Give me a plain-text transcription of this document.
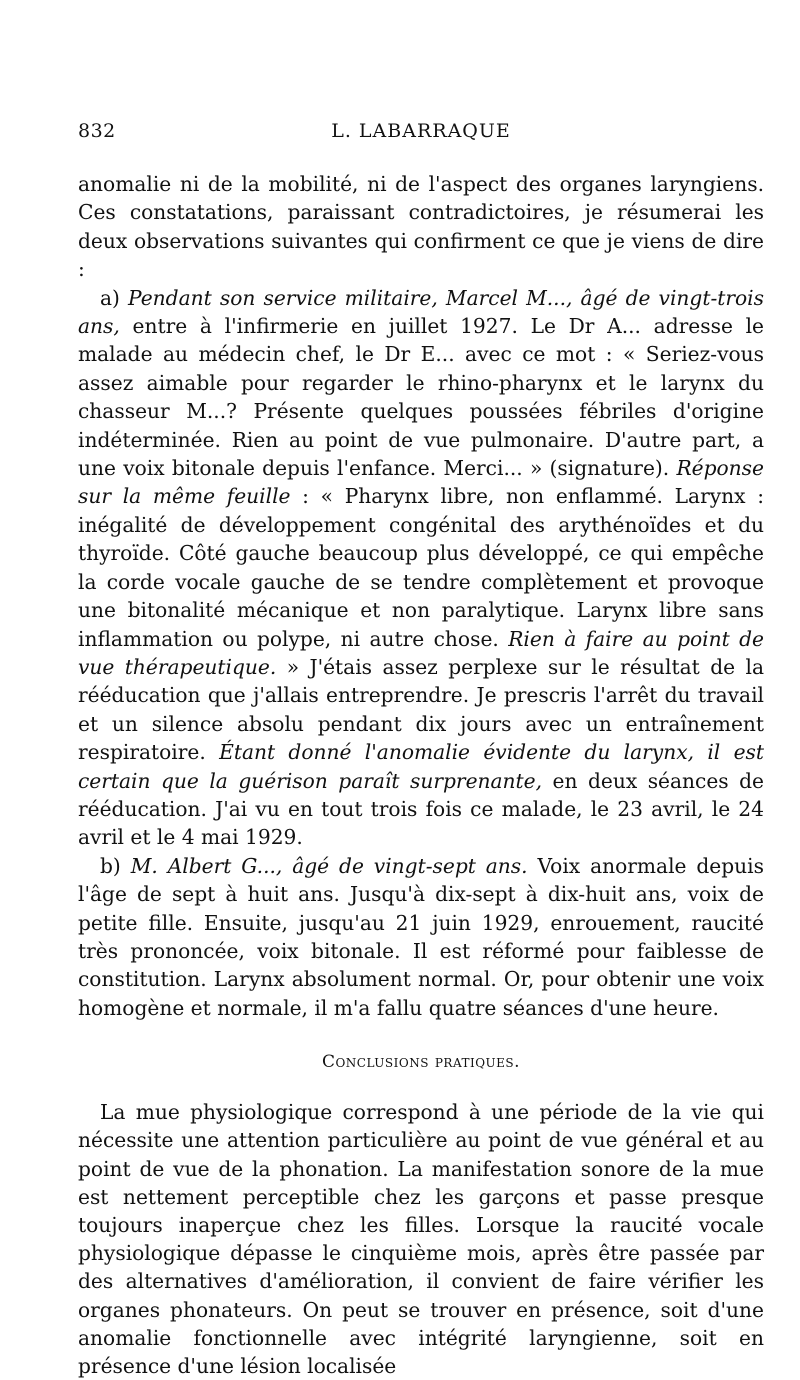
832	L. LABARRAQUE

anomalie ni de la mobilité, ni de l'aspect des organes laryngiens. Ces constatations, paraissant contradictoires, je résumerai les deux observations suivantes qui confirment ce que je viens de dire :

a) Pendant son service militaire, Marcel M..., âgé de vingt-trois ans, entre à l'infirmerie en juillet 1927. Le Dr A... adresse le malade au médecin chef, le Dr E... avec ce mot : « Seriez-vous assez aimable pour regarder le rhino-pharynx et le larynx du chasseur M...? Présente quelques poussées fébriles d'origine indéterminée. Rien au point de vue pulmonaire. D'autre part, a une voix bitonale depuis l'enfance. Merci... » (signature). Réponse sur la même feuille : « Pharynx libre, non enflammé. Larynx : inégalité de développement congénital des arythénoïdes et du thyroïde. Côté gauche beaucoup plus développé, ce qui empêche la corde vocale gauche de se tendre complètement et provoque une bitonalité mécanique et non paralytique. Larynx libre sans inflammation ou polype, ni autre chose. Rien à faire au point de vue thérapeutique. » J'étais assez perplexe sur le résultat de la rééducation que j'allais entreprendre. Je prescris l'arrêt du travail et un silence absolu pendant dix jours avec un entraînement respiratoire. Étant donné l'anomalie évidente du larynx, il est certain que la guérison paraît surprenante, en deux séances de rééducation. J'ai vu en tout trois fois ce malade, le 23 avril, le 24 avril et le 4 mai 1929.

b) M. Albert G..., âgé de vingt-sept ans. Voix anormale depuis l'âge de sept à huit ans. Jusqu'à dix-sept à dix-huit ans, voix de petite fille. Ensuite, jusqu'au 21 juin 1929, enrouement, raucité très prononcée, voix bitonale. Il est réformé pour faiblesse de constitution. Larynx absolument normal. Or, pour obtenir une voix homogène et normale, il m'a fallu quatre séances d'une heure.

Conclusions pratiques.

La mue physiologique correspond à une période de la vie qui nécessite une attention particulière au point de vue général et au point de vue de la phonation. La manifestation sonore de la mue est nettement perceptible chez les garçons et passe presque toujours inaperçue chez les filles. Lorsque la raucité vocale physiologique dépasse le cinquième mois, après être passée par des alternatives d'amélioration, il convient de faire vérifier les organes phonateurs. On peut se trouver en présence, soit d'une anomalie fonctionnelle avec intégrité laryngienne, soit en présence d'une lésion localisée
